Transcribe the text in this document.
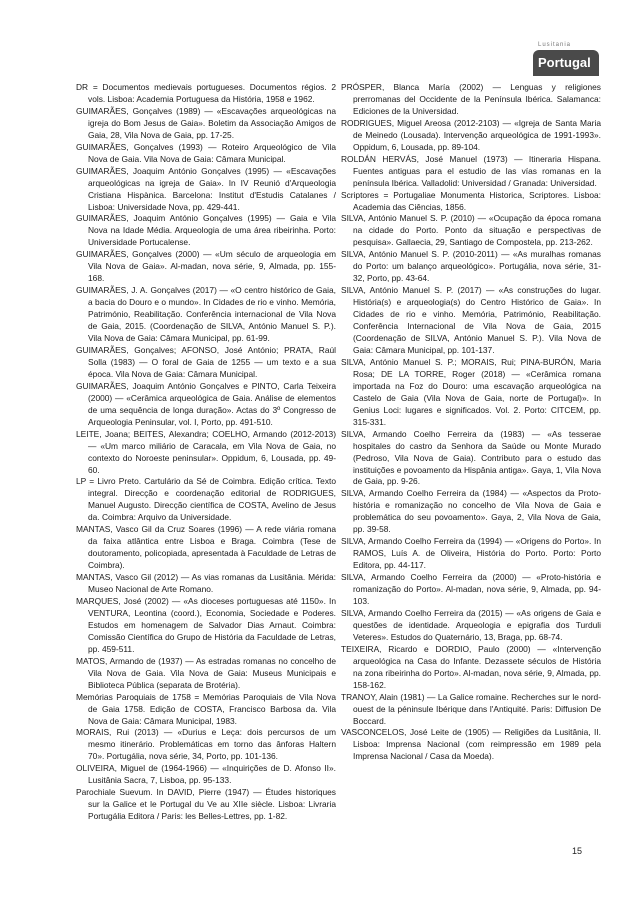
Lusitania
Portugal

DR = Documentos medievais portugueses. Documentos régios. 2 vols. Lisboa: Academia Portuguesa da História, 1958 e 1962.

GUIMARÃES, Gonçalves (1989) — «Escavações arqueológicas na igreja do Bom Jesus de Gaia». Boletim da Associação Amigos de Gaia, 28, Vila Nova de Gaia, pp. 17-25.

GUIMARÃES, Gonçalves (1993) — Roteiro Arqueológico de Vila Nova de Gaia. Vila Nova de Gaia: Câmara Municipal.

GUIMARÃES, Joaquim António Gonçalves (1995) — «Escavações arqueológicas na igreja de Gaia». In IV Reunió d'Arqueologia Cristiana Hispànica. Barcelona: Institut d'Estudis Catalanes / Lisboa: Universidade Nova, pp. 429-441.

GUIMARÃES, Joaquim António Gonçalves (1995) — Gaia e Vila Nova na Idade Média. Arqueologia de uma área ribeirinha. Porto: Universidade Portucalense.

GUIMARÃES, Gonçalves (2000) — «Um século de arqueologia em Vila Nova de Gaia». Al-madan, nova série, 9, Almada, pp. 155-168.

GUIMARÃES, J. A. Gonçalves (2017) — «O centro histórico de Gaia, a bacia do Douro e o mundo». In Cidades de rio e vinho. Memória, Património, Reabilitação. Conferência internacional de Vila Nova de Gaia, 2015. (Coordenação de SILVA, António Manuel S. P.). Vila Nova de Gaia: Câmara Municipal, pp. 61-99.

GUIMARÃES, Gonçalves; AFONSO, José António; PRATA, Raúl Solla (1983) — O foral de Gaia de 1255 — um texto e a sua época. Vila Nova de Gaia: Câmara Municipal.

GUIMARÃES, Joaquim António Gonçalves e PINTO, Carla Teixeira (2000) — «Cerâmica arqueológica de Gaia. Análise de elementos de uma sequência de longa duração». Actas do 3º Congresso de Arqueologia Peninsular, vol. I, Porto, pp. 491-510.

LEITE, Joana; BEITES, Alexandra; COELHO, Armando (2012-2013) — «Um marco miliário de Caracala, em Vila Nova de Gaia, no contexto do Noroeste peninsular». Oppidum, 6, Lousada, pp. 49-60.

LP = Livro Preto. Cartulário da Sé de Coimbra. Edição crítica. Texto integral. Direcção e coordenação editorial de RODRIGUES, Manuel Augusto. Direcção científica de COSTA, Avelino de Jesus da. Coimbra: Arquivo da Universidade.

MANTAS, Vasco Gil da Cruz Soares (1996) — A rede viária romana da faixa atlântica entre Lisboa e Braga. Coimbra (Tese de doutoramento, policopiada, apresentada à Faculdade de Letras de Coimbra).

MANTAS, Vasco Gil (2012) — As vias romanas da Lusitânia. Mérida: Museo Nacional de Arte Romano.

MARQUES, José (2002) — «As dioceses portuguesas até 1150». In VENTURA, Leontina (coord.), Economia, Sociedade e Poderes. Estudos em homenagem de Salvador Dias Arnaut. Coimbra: Comissão Científica do Grupo de História da Faculdade de Letras, pp. 459-511.

MATOS, Armando de (1937) — As estradas romanas no concelho de Vila Nova de Gaia. Vila Nova de Gaia: Museus Municipais e Biblioteca Pública (separata de Brotéria).

Memórias Paroquiais de 1758 = Memórias Paroquiais de Vila Nova de Gaia 1758. Edição de COSTA, Francisco Barbosa da. Vila Nova de Gaia: Câmara Municipal, 1983.

MORAIS, Rui (2013) — «Durius e Leça: dois percursos de um mesmo itinerário. Problemáticas em torno das ânforas Haltern 70». Portugália, nova série, 34, Porto, pp. 101-136.

OLIVEIRA, Miguel de (1964-1966) — «Inquirições de D. Afonso II». Lusitânia Sacra, 7, Lisboa, pp. 95-133.

Parochiale Suevum. In DAVID, Pierre (1947) — Études historiques sur la Galice et le Portugal du Ve au XIIe siècle. Lisboa: Livraria Portugália Editora / Paris: les Belles-Lettres, pp. 1-82.

PRÓSPER, Blanca María (2002) — Lenguas y religiones prerromanas del Occidente de la Península Ibérica. Salamanca: Ediciones de la Universidad.

RODRIGUES, Miguel Areosa (2012-2103) — «Igreja de Santa Maria de Meinedo (Lousada). Intervenção arqueológica de 1991-1993». Oppidum, 6, Lousada, pp. 89-104.

ROLDÁN HERVÁS, José Manuel (1973) — Itineraria Hispana. Fuentes antiguas para el estudio de las vías romanas en la península Ibérica. Valladolid: Universidad / Granada: Universidad.

Scriptores = Portugaliae Monumenta Historica, Scriptores. Lisboa: Academia das Ciências, 1856.

SILVA, António Manuel S. P. (2010) — «Ocupação da época romana na cidade do Porto. Ponto da situação e perspectivas de pesquisa». Gallaecia, 29, Santiago de Compostela, pp. 213-262.

SILVA, António Manuel S. P. (2010-2011) — «As muralhas romanas do Porto: um balanço arqueológico». Portugália, nova série, 31-32, Porto, pp. 43-64.

SILVA, António Manuel S. P. (2017) — «As construções do lugar. História(s) e arqueologia(s) do Centro Histórico de Gaia». In Cidades de rio e vinho. Memória, Património, Reabilitação. Conferência Internacional de Vila Nova de Gaia, 2015 (Coordenação de SILVA, António Manuel S. P.). Vila Nova de Gaia: Câmara Municipal, pp. 101-137.

SILVA, António Manuel S. P.; MORAIS, Rui; PINA-BURÓN, Maria Rosa; DE LA TORRE, Roger (2018) — «Cerâmica romana importada na Foz do Douro: uma escavação arqueológica na Castelo de Gaia (Vila Nova de Gaia, norte de Portugal)». In Genius Loci: lugares e significados. Vol. 2. Porto: CITCEM, pp. 315-331.

SILVA, Armando Coelho Ferreira da (1983) — «As tesserae hospitales do castro da Senhora da Saúde ou Monte Murado (Pedroso, Vila Nova de Gaia). Contributo para o estudo das instituições e povoamento da Hispânia antiga». Gaya, 1, Vila Nova de Gaia, pp. 9-26.

SILVA, Armando Coelho Ferreira da (1984) — «Aspectos da Proto-história e romanização no concelho de Vila Nova de Gaia e problemática do seu povoamento». Gaya, 2, Vila Nova de Gaia, pp. 39-58.

SILVA, Armando Coelho Ferreira da (1994) — «Origens do Porto». In RAMOS, Luís A. de Oliveira, História do Porto. Porto: Porto Editora, pp. 44-117.

SILVA, Armando Coelho Ferreira da (2000) — «Proto-história e romanização do Porto». Al-madan, nova série, 9, Almada, pp. 94-103.

SILVA, Armando Coelho Ferreira da (2015) — «As origens de Gaia e questões de identidade. Arqueologia e epigrafia dos Turduli Veteres». Estudos do Quaternário, 13, Braga, pp. 68-74.

TEIXEIRA, Ricardo e DORDIO, Paulo (2000) — «Intervenção arqueológica na Casa do Infante. Dezassete séculos de História na zona ribeirinha do Porto». Al-madan, nova série, 9, Almada, pp. 158-162.

TRANOY, Alain (1981) — La Galice romaine. Recherches sur le nord-ouest de la péninsule Ibérique dans l'Antiquité. Paris: Diffusion De Boccard.

VASCONCELOS, José Leite de (1905) — Religiões da Lusitânia, II. Lisboa: Imprensa Nacional (com reimpressão em 1989 pela Imprensa Nacional / Casa da Moeda).

15
